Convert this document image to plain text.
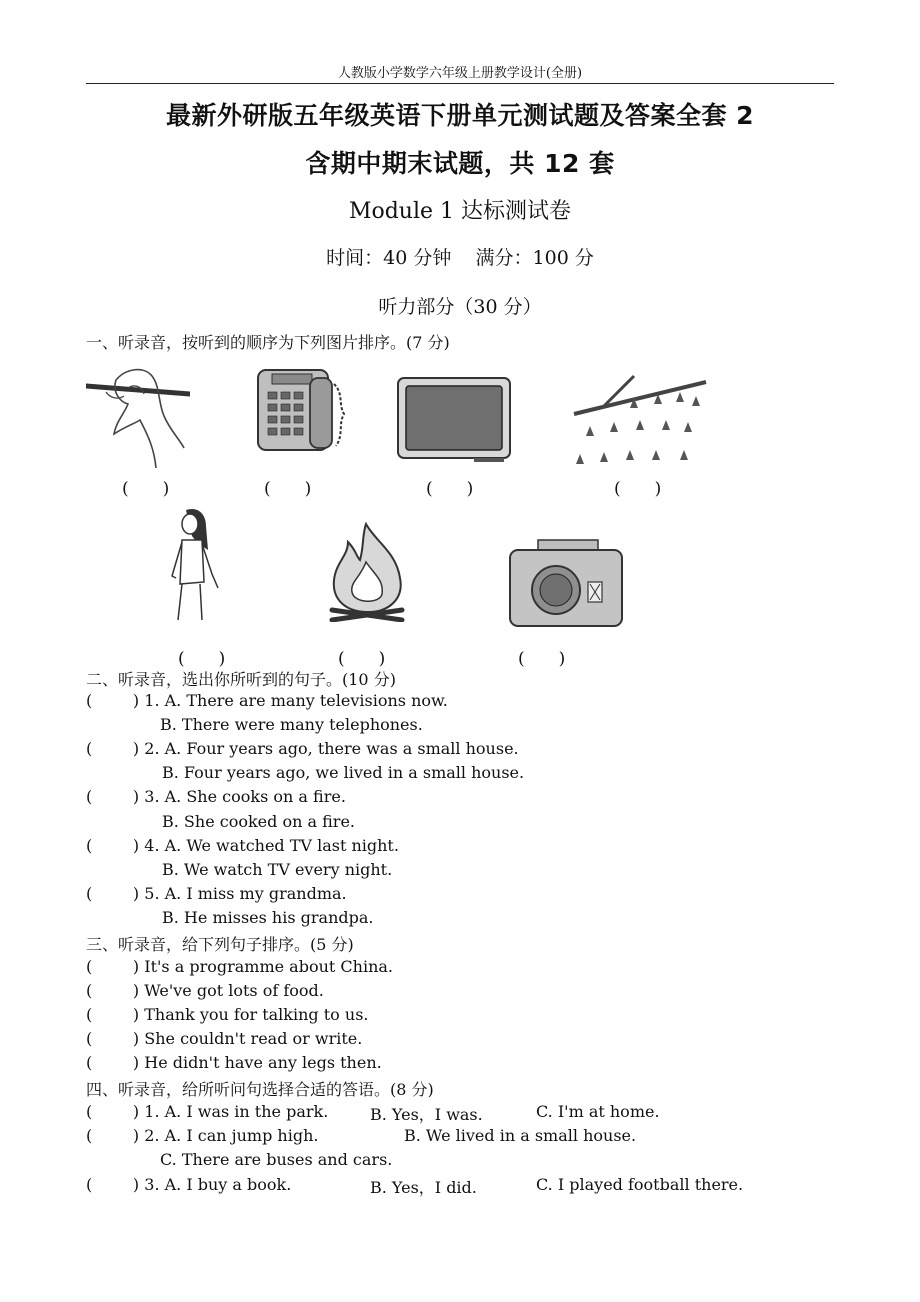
人教版小学数学六年级上册教学设计(全册)
最新外研版五年级英语下册单元测试题及答案全套 2
含期中期末试题，共 12 套
Module 1 达标测试卷
时间：40 分钟    满分：100 分
听力部分（30 分）
一、听录音，按听到的顺序为下列图片排序。(7 分)
(　　)	(　　)	(　　)	(　　)
(　　)	(　　)	(　　)
二、听录音，选出你所听到的句子。(10 分)
(        ) 1. A. There are many televisions now.
B. There were many telephones.
(        ) 2. A. Four years ago, there was a small house.
B. Four years ago, we lived in a small house.
(        ) 3. A. She cooks on a fire.
B. She cooked on a fire.
(        ) 4. A. We watched TV last night.
B. We watch TV every night.
(        ) 5. A. I miss my grandma.
B. He misses his grandpa.
三、听录音，给下列句子排序。(5 分)
(        ) It's a programme about China.
(        ) We've got lots of food.
(        ) Thank you for talking to us.
(        ) She couldn't read or write.
(        ) He didn't have any legs then.
四、听录音，给所听问句选择合适的答语。(8 分)
(        ) 1. A. I was in the park.	B. Yes，I was.	C. I'm at home.
(        ) 2. A. I can jump high.	B. We lived in a small house.
C. There are buses and cars.
(        ) 3. A. I buy a book.	B. Yes，I did.	C. I played football there.
